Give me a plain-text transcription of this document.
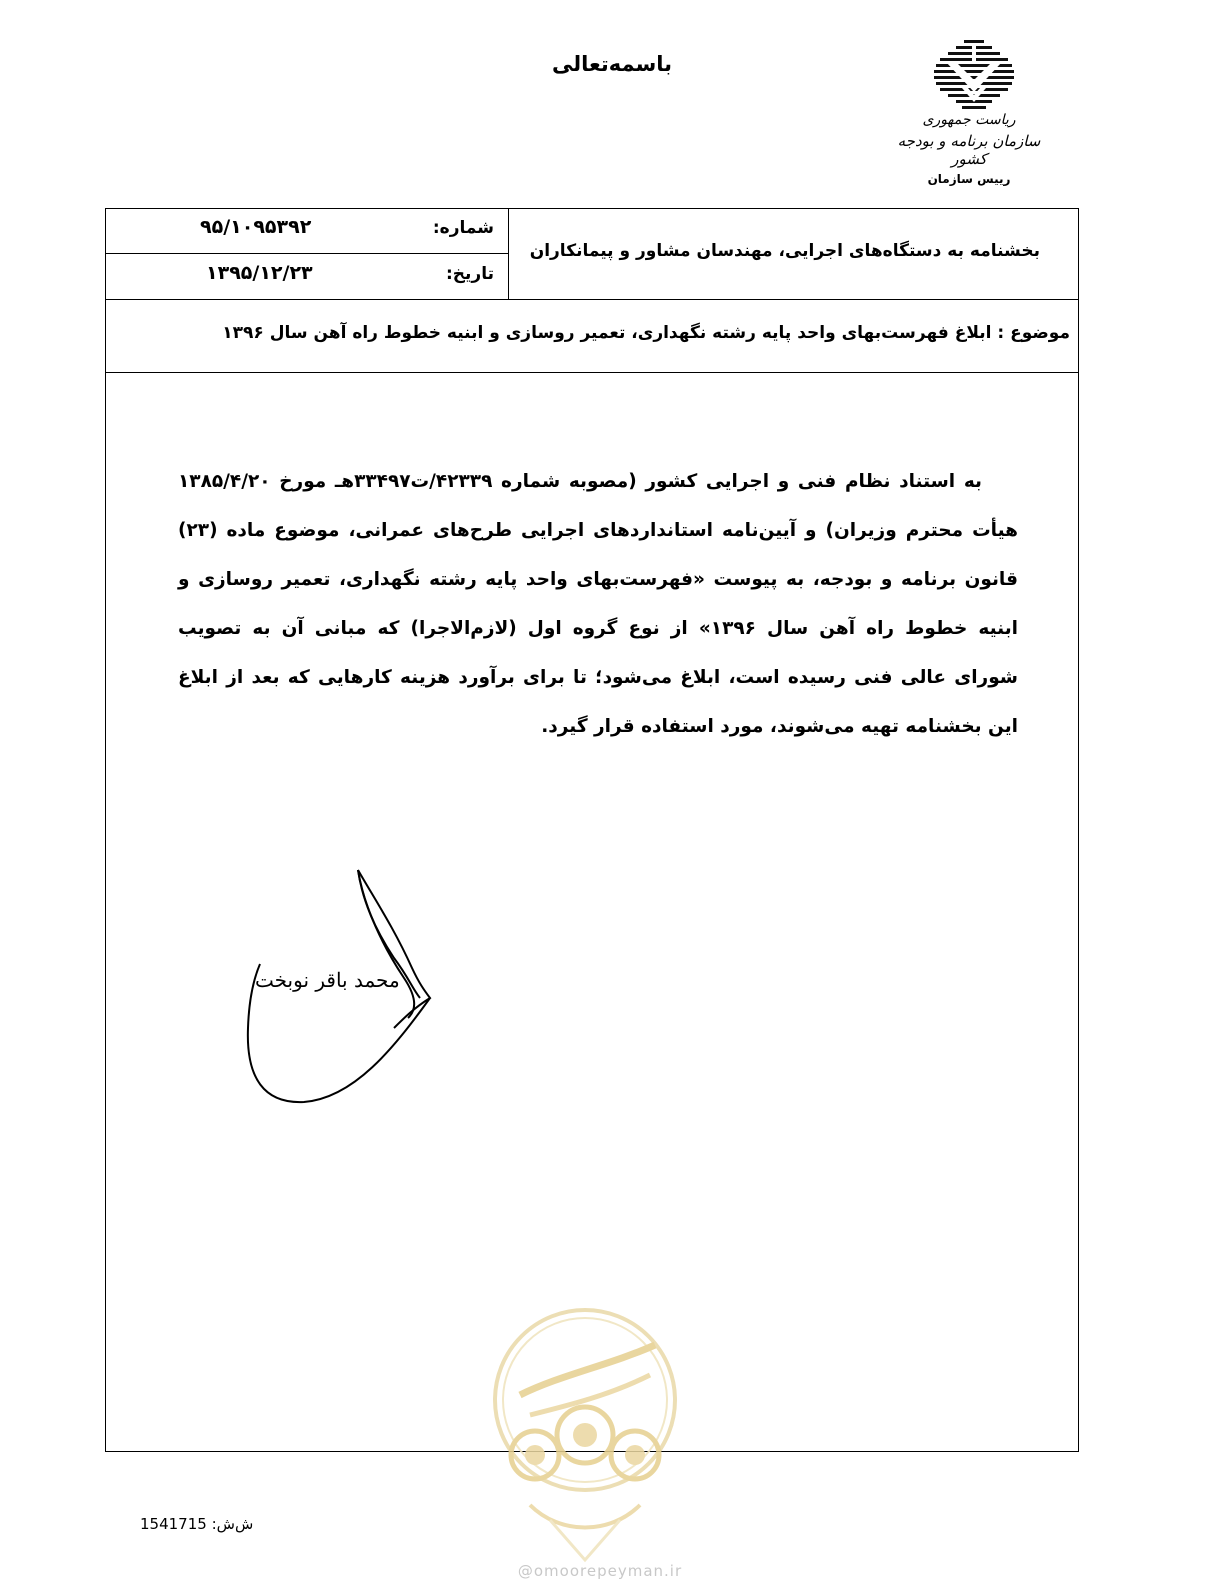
باسمه‌تعالی
ریاست جمهوری
سازمان برنامه و بودجه کشور
رییس سازمان
شماره:
۹۵/۱۰۹۵۳۹۲
تاریخ:
۱۳۹۵/۱۲/۲۳
بخشنامه به دستگاه‌های اجرایی، مهندسان مشاور و پیمانکاران
موضوع : ابلاغ فهرست‌بهای واحد پایه رشته نگهداری، تعمیر روسازی و ابنیه خطوط راه آهن سال ۱۳۹۶

به استناد نظام فنی و اجرایی کشور (مصوبه شماره ۴۲۳۳۹/ت۳۳۴۹۷هـ مورخ ۱۳۸۵/۴/۲۰ هیأت محترم وزیران) و آیین‌نامه استانداردهای اجرایی طرح‌های عمرانی، موضوع ماده (۲۳) قانون برنامه و بودجه، به پیوست «فهرست‌بهای واحد پایه رشته نگهداری، تعمیر روسازی و ابنیه خطوط راه آهن سال ۱۳۹۶» از نوع گروه اول (لازم‌الاجرا) که مبانی آن به تصویب شورای عالی فنی رسیده است، ابلاغ می‌شود؛ تا برای برآورد هزینه کارهایی که بعد از ابلاغ این بخشنامه تهیه می‌شوند، مورد استفاده قرار گیرد.

محمد باقر نوبخت
@omoorepeyman.ir
1541715 ش‌ش:
